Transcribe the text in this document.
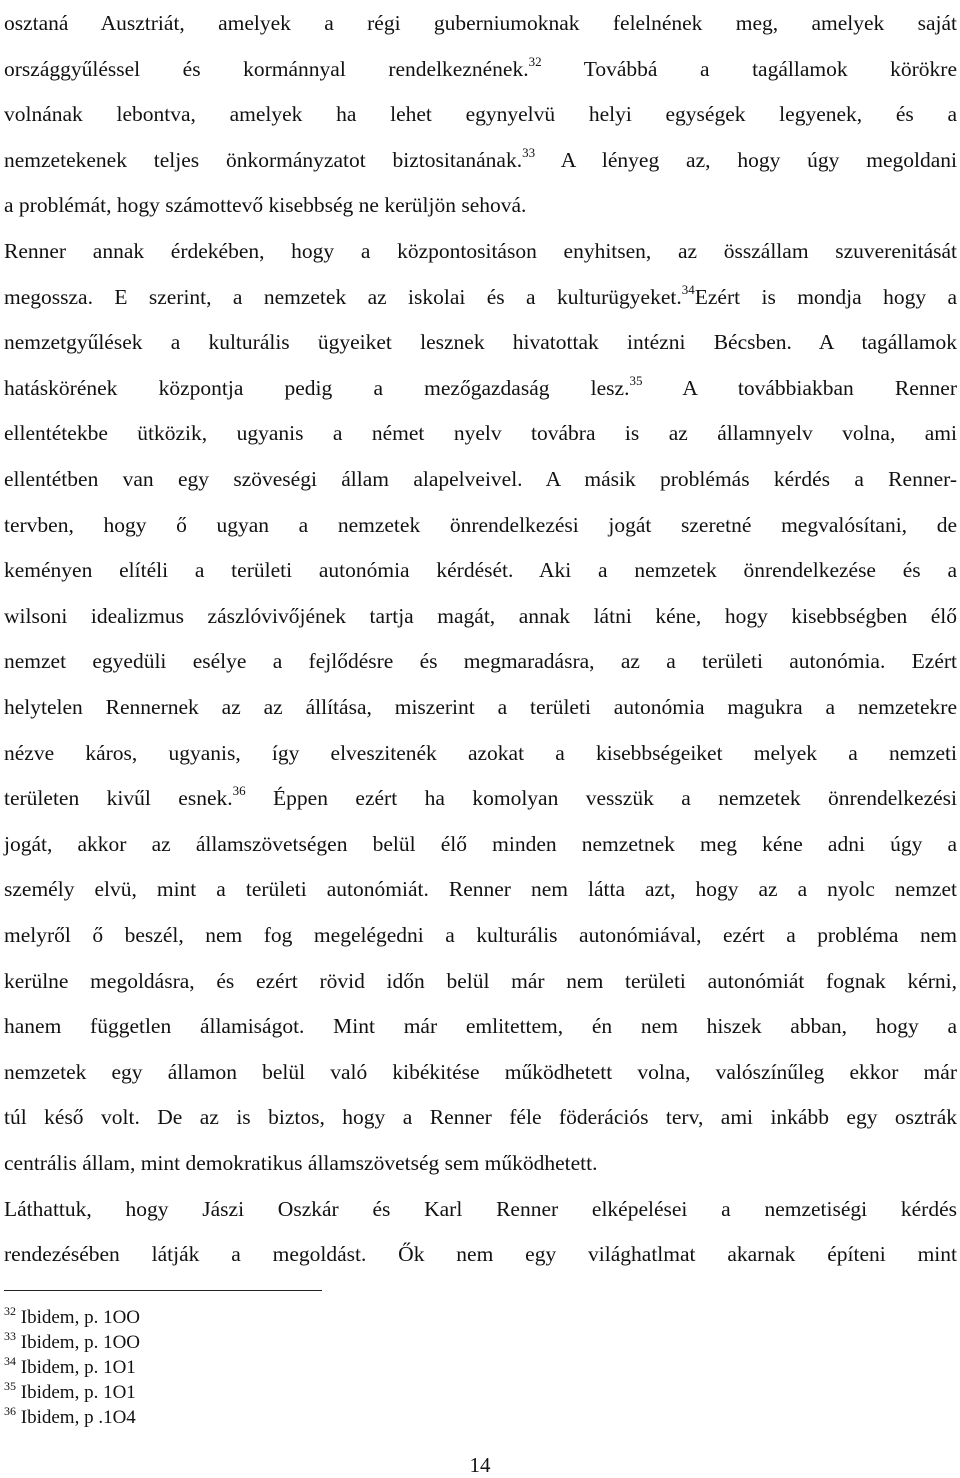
osztaná Ausztriát, amelyek a régi guberniumoknak felelnének meg, amelyek saját
országgyűléssel és kormánnyal rendelkeznének.$^{32}$ Továbbá a tagállamok körökre
volnának lebontva, amelyek ha lehet egynyelvü helyi egységek legyenek, és a
nemzetekenek teljes önkormányzatot biztositanának.$^{33}$ A lényeg az, hogy úgy megoldani
a problémát, hogy számottevő kisebbség ne kerüljön sehová.
Renner annak érdekében, hogy a központositáson enyhitsen, az összállam szuverenitását
megossza. E szerint, a nemzetek az iskolai és a kulturügyeket.$^{34}$Ezért is mondja hogy a
nemzetgyűlések a kulturális ügyeiket lesznek hivatottak intézni Bécsben. A tagállamok
hatáskörének központja pedig a mezőgazdaság lesz.$^{35}$ A továbbiakban Renner
ellentétekbe ütközik, ugyanis a német nyelv továbra is az államnyelv volna, ami
ellentétben van egy szöveségi állam alapelveivel. A másik problémás kérdés a Renner-
tervben, hogy ő ugyan a nemzetek önrendelkezési jogát szeretné megvalósítani, de
keményen elítéli a területi autonómia kérdését. Aki a nemzetek önrendelkezése és a
wilsoni idealizmus zászlóvivőjének tartja magát, annak látni kéne, hogy kisebbségben élő
nemzet egyedüli esélye a fejlődésre és megmaradásra, az a területi autonómia. Ezért
helytelen Rennernek az az állítása, miszerint a területi autonómia magukra a nemzetekre
nézve káros, ugyanis, így elveszitenék azokat a kisebbségeiket melyek a nemzeti
területen kivűl esnek.$^{36}$ Éppen ezért ha komolyan vesszük a nemzetek önrendelkezési
jogát, akkor az államszövetségen belül élő minden nemzetnek meg kéne adni úgy a
személy elvü, mint a területi autonómiát. Renner nem látta azt, hogy az a nyolc nemzet
melyről ő beszél, nem fog megelégedni a kulturális autonómiával, ezért a probléma nem
kerülne megoldásra, és ezért rövid időn belül már nem területi autonómiát fognak kérni,
hanem független államiságot. Mint már emlitettem, én nem hiszek abban, hogy a
nemzetek egy államon belül való kibékitése működhetett volna, valószínűleg ekkor már
túl késő volt. De az is biztos, hogy a Renner féle föderációs terv, ami inkább egy osztrák
centrális állam, mint demokratikus államszövetség sem működhetett.
Láthattuk, hogy Jászi Oszkár és Karl Renner elképelései a nemzetiségi kérdés
rendezésében látják a megoldást. Ők nem egy világhatlmat akarnak építeni mint
$^{32}$ Ibidem, p. 1OO
$^{33}$ Ibidem, p. 1OO
$^{34}$ Ibidem, p. 1O1
$^{35}$ Ibidem, p. 1O1
$^{36}$ Ibidem, p .1O4
14
